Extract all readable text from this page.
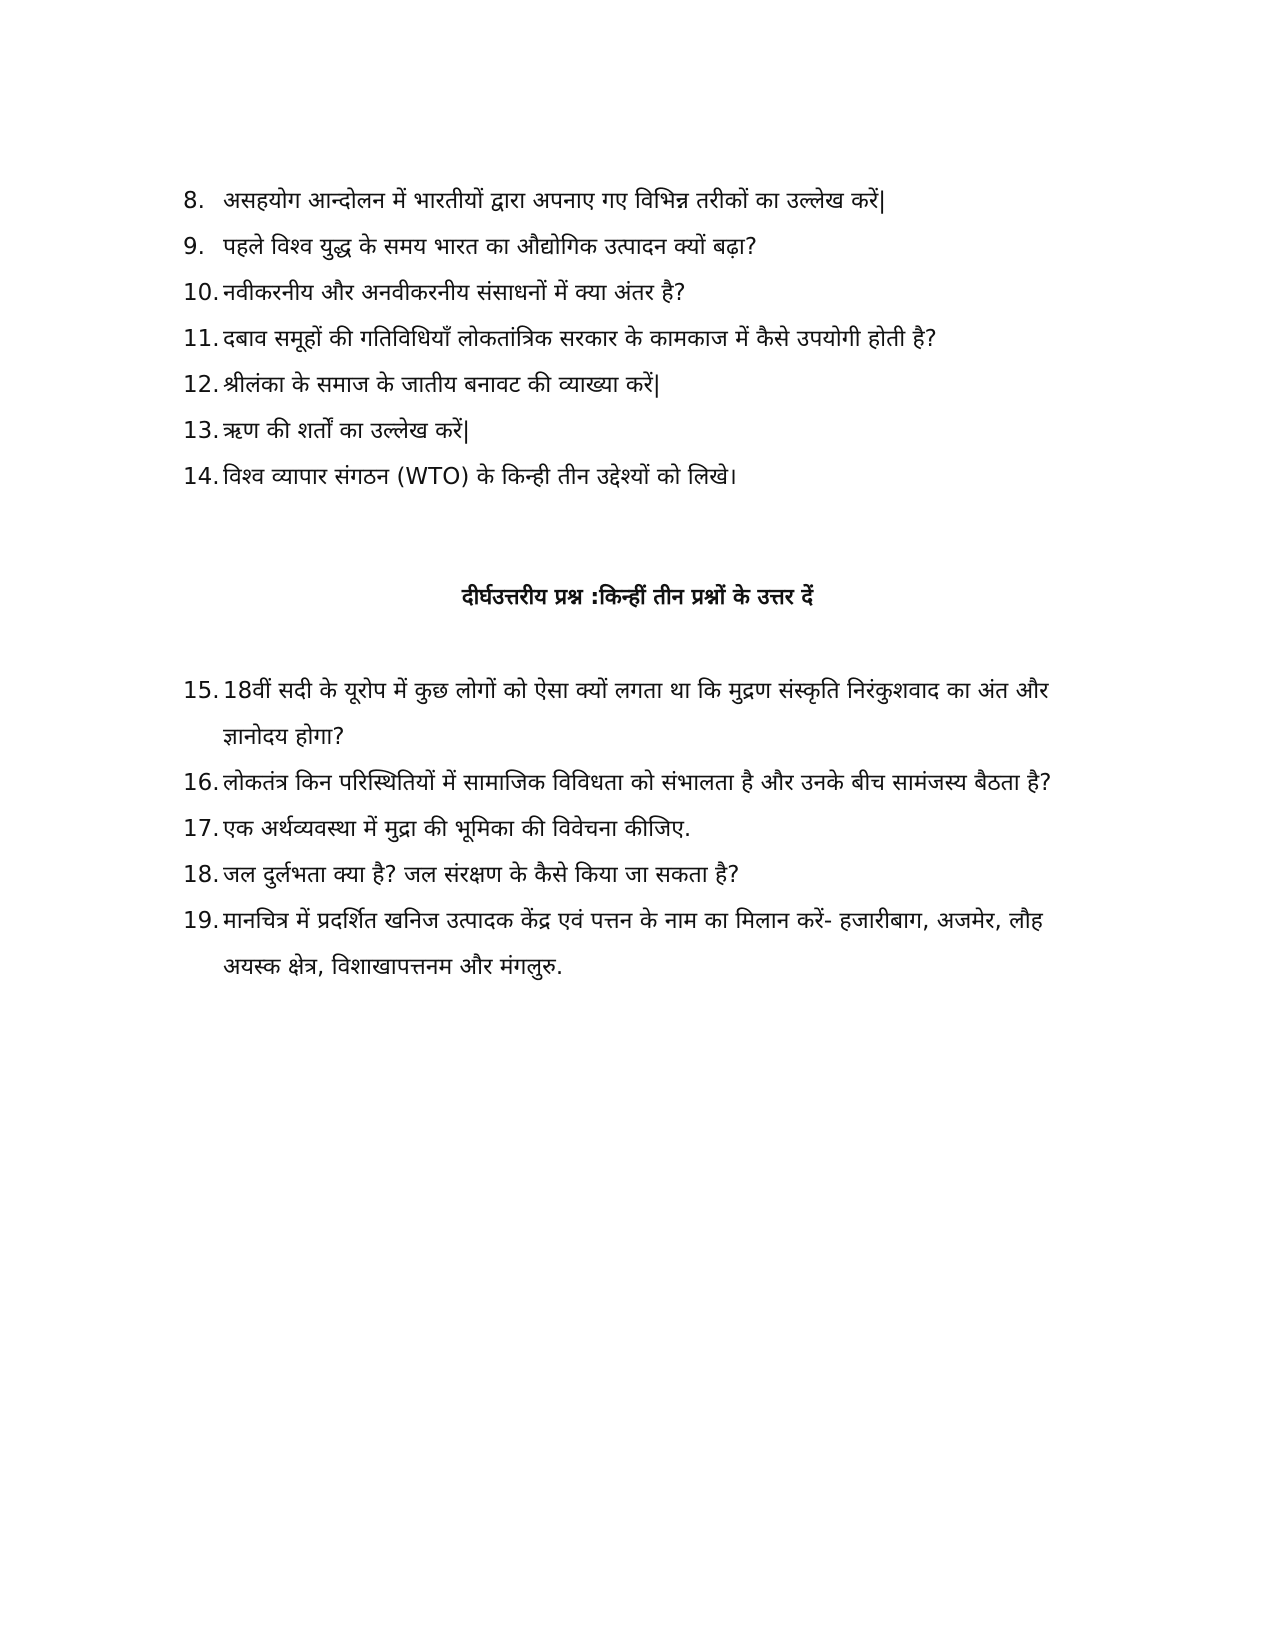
8. असहयोग आन्दोलन में भारतीयों द्वारा अपनाए गए विभिन्न तरीकों का उल्लेख करें|
9. पहले विश्व युद्ध के समय भारत का औद्योगिक उत्पादन क्यों बढ़ा?
10. नवीकरनीय और अनवीकरनीय संसाधनों में क्या अंतर है?
11. दबाव समूहों की गतिविधियाँ लोकतांत्रिक सरकार के कामकाज में कैसे उपयोगी होती है?
12. श्रीलंका के समाज के जातीय बनावट की व्याख्या करें|
13. ऋण की शर्तों का उल्लेख करें|
14. विश्व व्यापार संगठन (WTO) के किन्ही तीन उद्देश्यों को लिखे।
दीर्घउत्तरीय प्रश्न :किन्हीं तीन प्रश्नों के उत्तर दें
15. 18वीं सदी के यूरोप में कुछ लोगों को ऐसा क्यों लगता था कि मुद्रण संस्कृति निरंकुशवाद का अंत और ज्ञानोदय होगा?
16. लोकतंत्र किन परिस्थितियों में सामाजिक विविधता को संभालता है और उनके बीच सामंजस्य बैठता है?
17. एक अर्थव्यवस्था में मुद्रा की भूमिका की विवेचना कीजिए.
18. जल दुर्लभता क्या है? जल संरक्षण के कैसे किया जा सकता है?
19. मानचित्र में प्रदर्शित खनिज उत्पादक केंद्र एवं पत्तन के नाम का मिलान करें- हजारीबाग, अजमेर, लौह अयस्क क्षेत्र, विशाखापत्तनम और मंगलुरु.
